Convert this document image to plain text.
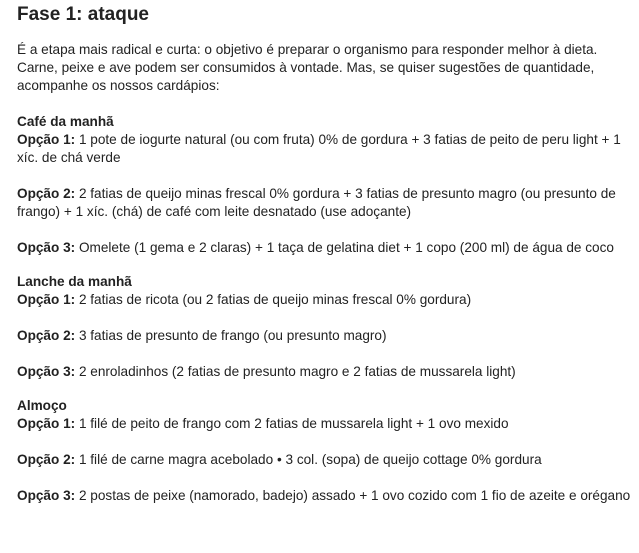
Fase 1: ataque

É a etapa mais radical e curta: o objetivo é preparar o organismo para responder melhor à dieta. Carne, peixe e ave podem ser consumidos à vontade. Mas, se quiser sugestões de quantidade, acompanhe os nossos cardápios:

Café da manhã

Opção 1: 1 pote de iogurte natural (ou com fruta) 0% de gordura + 3 fatias de peito de peru light + 1 xíc. de chá verde

Opção 2: 2 fatias de queijo minas frescal 0% gordura + 3 fatias de presunto magro (ou presunto de frango) + 1 xíc. (chá) de café com leite desnatado (use adoçante)

Opção 3: Omelete (1 gema e 2 claras) + 1 taça de gelatina diet + 1 copo (200 ml) de água de coco

Lanche da manhã

Opção 1: 2 fatias de ricota (ou 2 fatias de queijo minas frescal 0% gordura)

Opção 2: 3 fatias de presunto de frango (ou presunto magro)

Opção 3: 2 enroladinhos (2 fatias de presunto magro e 2 fatias de mussarela light)

Almoço

Opção 1: 1 filé de peito de frango com 2 fatias de mussarela light + 1 ovo mexido

Opção 2: 1 filé de carne magra acebolado • 3 col. (sopa) de queijo cottage 0% gordura

Opção 3: 2 postas de peixe (namorado, badejo) assado + 1 ovo cozido com 1 fio de azeite e orégano
